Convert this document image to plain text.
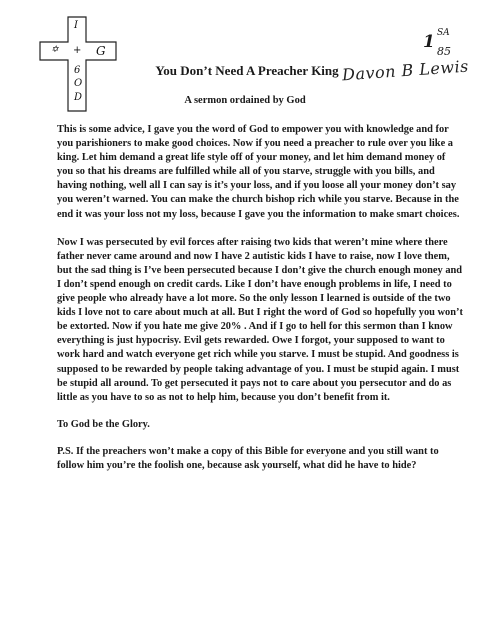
I
✡ + G
6
O
D
1 SA
85
You Don’t Need A Preacher King
A sermon ordained by God
Davon B Lewis

This is some advice, I gave you the word of God to empower you with knowledge and for you parishioners to make good choices. Now if you need a preacher to rule over you like a king. Let him demand a great life style off of your money, and let him demand money of you so that his dreams are fulfilled while all of you starve, struggle with you bills, and having nothing, well all I can say is it’s your loss, and if you loose all your money don’t say you weren’t warned. You can make the church bishop rich while you starve. Because in the end it was your loss not my loss, because I gave you the information to make smart choices.

Now I was persecuted by evil forces after raising two kids that weren’t mine where there father never came around and now I have 2 autistic kids I have to raise, now I love them, but the sad thing is I’ve been persecuted because I don’t give the church enough money and I don’t spend enough on credit cards. Like I don’t have enough problems in life, I need to give people who already have a lot more. So the only lesson I learned is outside of the two kids I love not to care about much at all. But I right the word of God so hopefully you won’t be extorted. Now if you hate me give 20% . And if I go to hell for this sermon than I know everything is just hypocrisy. Evil gets rewarded. Owe I forgot, your supposed to want to work hard and watch everyone get rich while you starve. I must be stupid. And goodness is supposed to be rewarded by people taking advantage of you. I must be stupid again. I must be stupid all around. To get persecuted it pays not to care about you persecutor and do as little as you have to so as not to help him, because you don’t benefit from it.

To God be the Glory.

P.S. If the preachers won’t make a copy of this Bible for everyone and you still want to follow him you’re the foolish one, because ask yourself, what did he have to hide?
